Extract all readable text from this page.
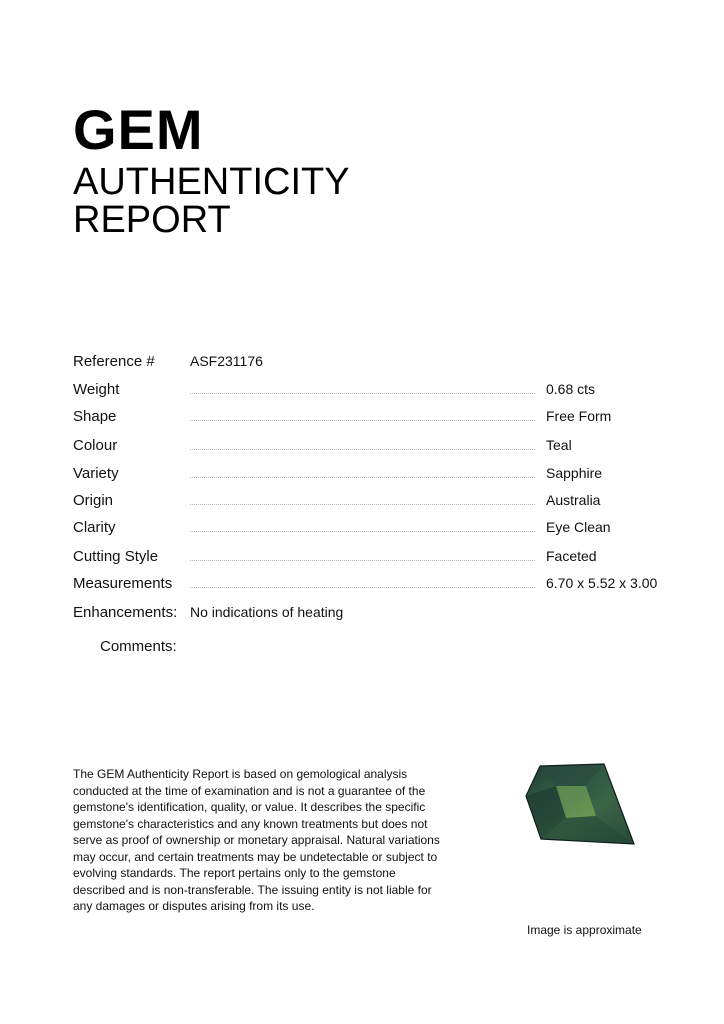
GEM
AUTHENTICITY
REPORT
Reference #	ASF231176
Weight	0.68 cts
Shape	Free Form
Colour	Teal
Variety	Sapphire
Origin	Australia
Clarity	Eye Clean
Cutting Style	Faceted
Measurements	6.70 x 5.52 x 3.00
Enhancements: No indications of heating
Comments:

The GEM Authenticity Report is based on gemological analysis conducted at the time of examination and is not a guarantee of the gemstone's identification, quality, or value. It describes the specific gemstone's characteristics and any known treatments but does not serve as proof of ownership or monetary appraisal. Natural variations may occur, and certain treatments may be undetectable or subject to evolving standards. The report pertains only to the gemstone described and is non-transferable. The issuing entity is not liable for any damages or disputes arising from its use.

Image is approximate
